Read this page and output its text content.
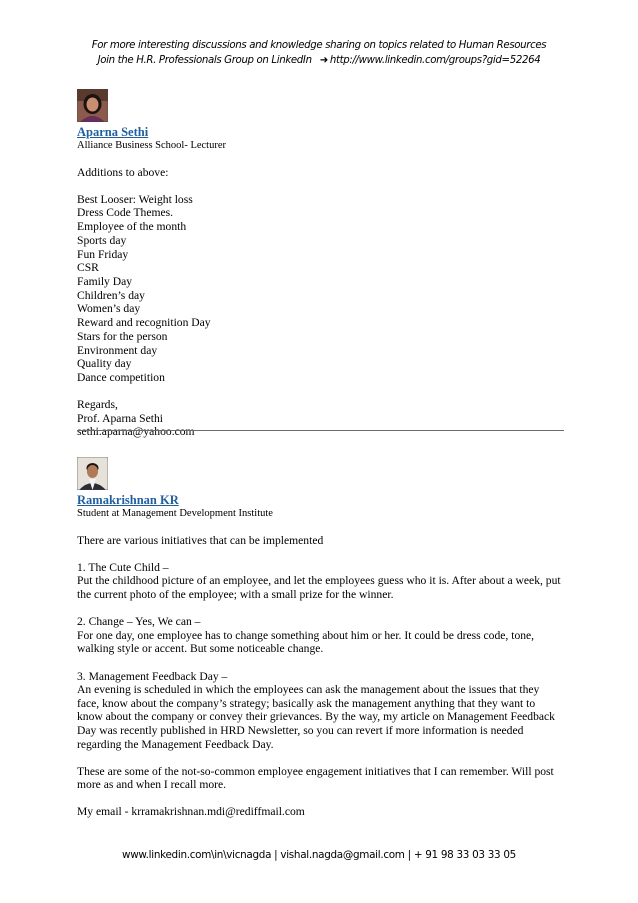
For more interesting discussions and knowledge sharing on topics related to Human Resources
Join the H.R. Professionals Group on LinkedIn ➜ http://www.linkedin.com/groups?gid=52264
Aparna Sethi
Alliance Business School- Lecturer
Additions to above:
Best Looser: Weight loss
Dress Code Themes.
Employee of the month
Sports day
Fun Friday
CSR
Family Day
Children’s day
Women’s day
Reward and recognition Day
Stars for the person
Environment day
Quality day
Dance competition
Regards,
Prof. Aparna Sethi
sethi.aparna@yahoo.com
Ramakrishnan KR
Student at Management Development Institute
There are various initiatives that can be implemented
1. The Cute Child –
Put the childhood picture of an employee, and let the employees guess who it is. After about a week, put the current photo of the employee; with a small prize for the winner.
2. Change – Yes, We can –
For one day, one employee has to change something about him or her. It could be dress code, tone, walking style or accent. But some noticeable change.
3. Management Feedback Day –
An evening is scheduled in which the employees can ask the management about the issues that they face, know about the company’s strategy; basically ask the management anything that they want to know about the company or convey their grievances. By the way, my article on Management Feedback Day was recently published in HRD Newsletter, so you can revert if more information is needed regarding the Management Feedback Day.
These are some of the not-so-common employee engagement initiatives that I can remember. Will post more as and when I recall more.
My email - krramakrishnan.mdi@rediffmail.com
www.linkedin.com\in\vicnagda | vishal.nagda@gmail.com | + 91 98 33 03 33 05
